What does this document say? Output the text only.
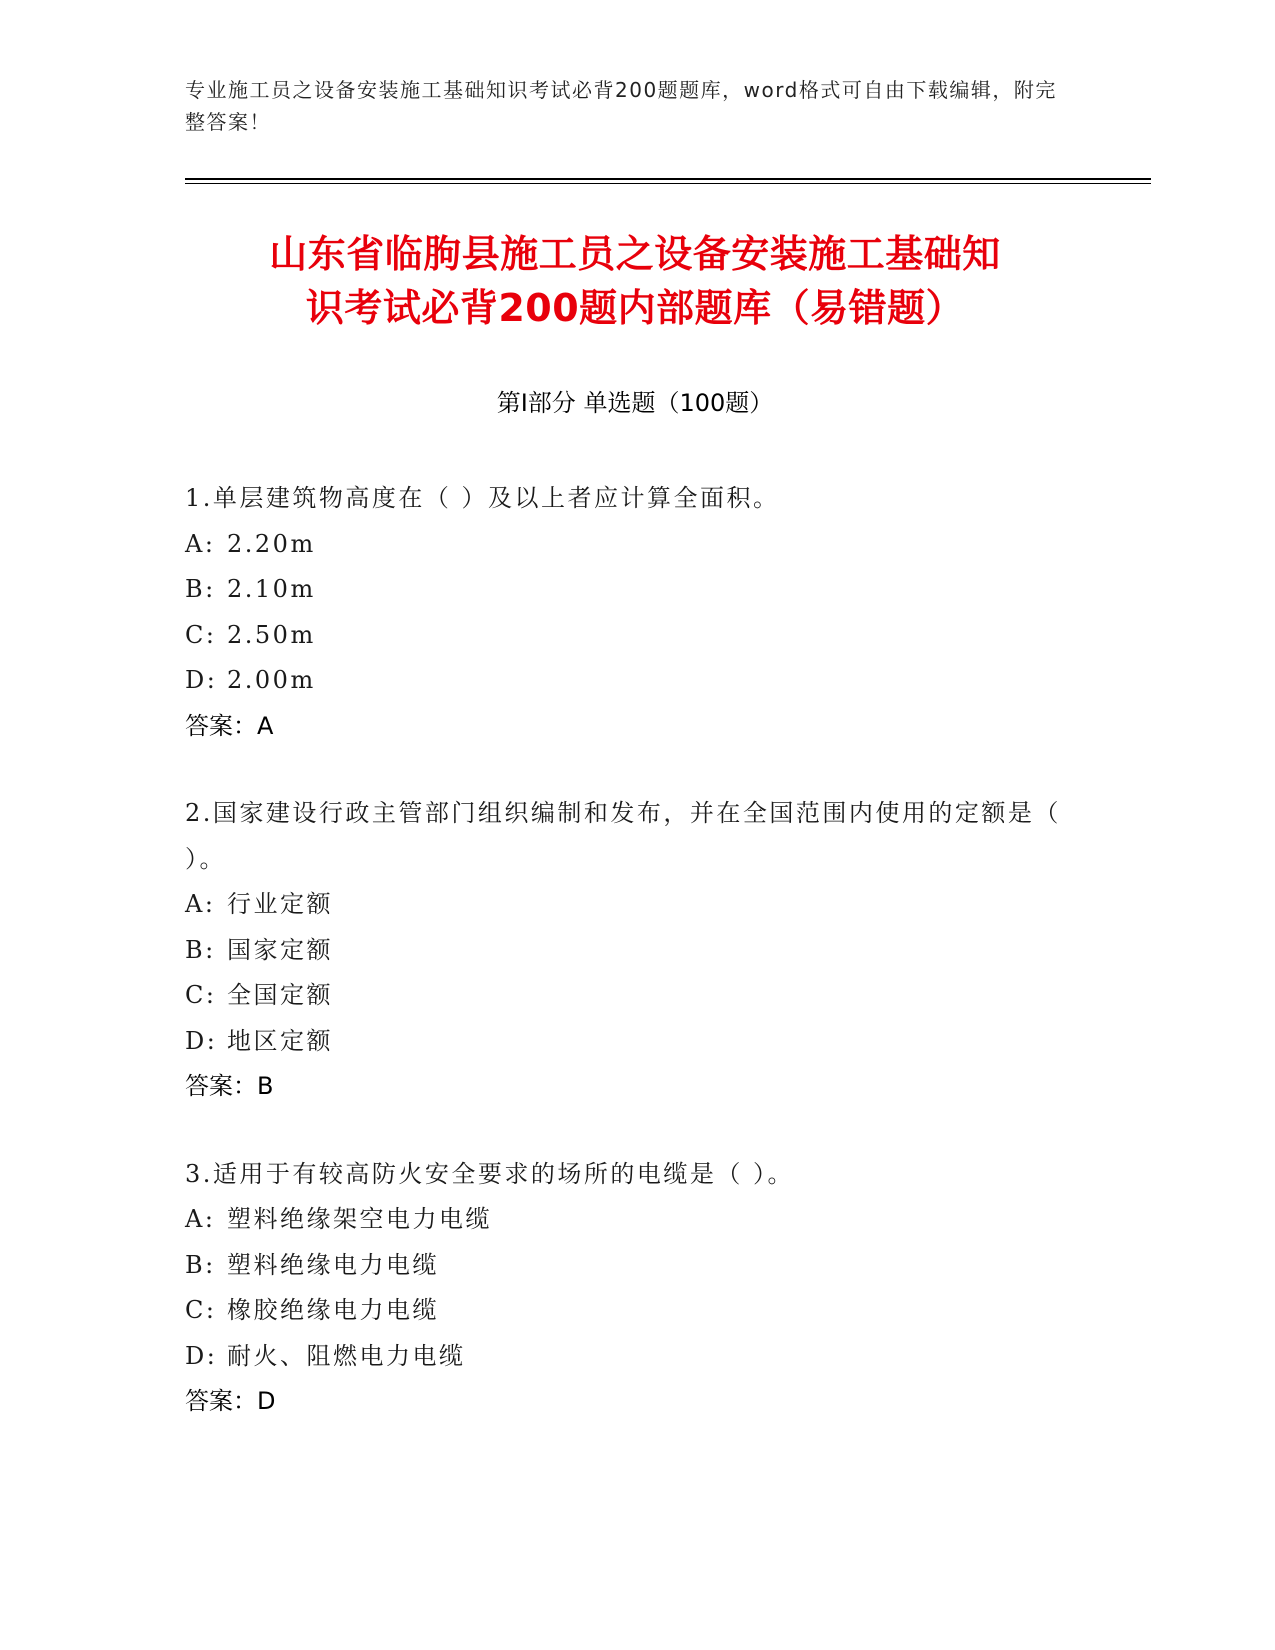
专业施工员之设备安装施工基础知识考试必背200题题库，word格式可自由下载编辑，附完整答案！
山东省临朐县施工员之设备安装施工基础知
识考试必背200题内部题库（易错题）
第I部分 单选题（100题）
1.单层建筑物高度在（ ）及以上者应计算全面积。
A: 2.20m
B: 2.10m
C: 2.50m
D: 2.00m
答案：A
2.国家建设行政主管部门组织编制和发布，并在全国范围内使用的定额是（ ）。
A: 行业定额
B: 国家定额
C: 全国定额
D: 地区定额
答案：B
3.适用于有较高防火安全要求的场所的电缆是（ ）。
A: 塑料绝缘架空电力电缆
B: 塑料绝缘电力电缆
C: 橡胶绝缘电力电缆
D: 耐火、阻燃电力电缆
答案：D
